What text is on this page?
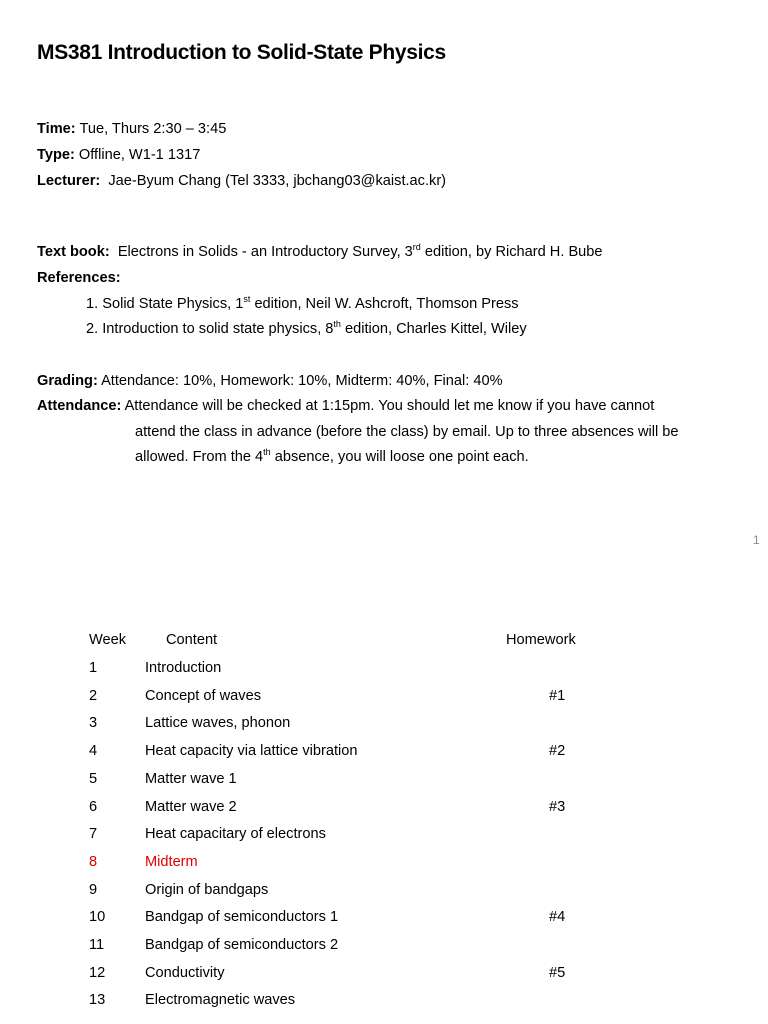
MS381 Introduction to Solid-State Physics
Time: Tue, Thurs 2:30 – 3:45
Type: Offline, W1-1 1317
Lecturer: Jae-Byum Chang (Tel 3333, jbchang03@kaist.ac.kr)
Text book: Electrons in Solids - an Introductory Survey, 3rd edition, by Richard H. Bube
References:
1. Solid State Physics, 1st edition, Neil W. Ashcroft, Thomson Press
2. Introduction to solid state physics, 8th edition, Charles Kittel, Wiley
Grading: Attendance: 10%, Homework: 10%, Midterm: 40%, Final: 40%
Attendance: Attendance will be checked at 1:15pm. You should let me know if you have cannot
attend the class in advance (before the class) by email. Up to three absences will be
allowed. From the 4th absence, you will loose one point each.
1
Week	Content	Homework
1	Introduction
2	Concept of waves	#1
3	Lattice waves, phonon
4	Heat capacity via lattice vibration	#2
5	Matter wave 1
6	Matter wave 2	#3
7	Heat capacitary of electrons
8	Midterm
9	Origin of bandgaps
10	Bandgap of semiconductors 1	#4
11	Bandgap of semiconductors 2
12	Conductivity	#5
13	Electromagnetic waves
